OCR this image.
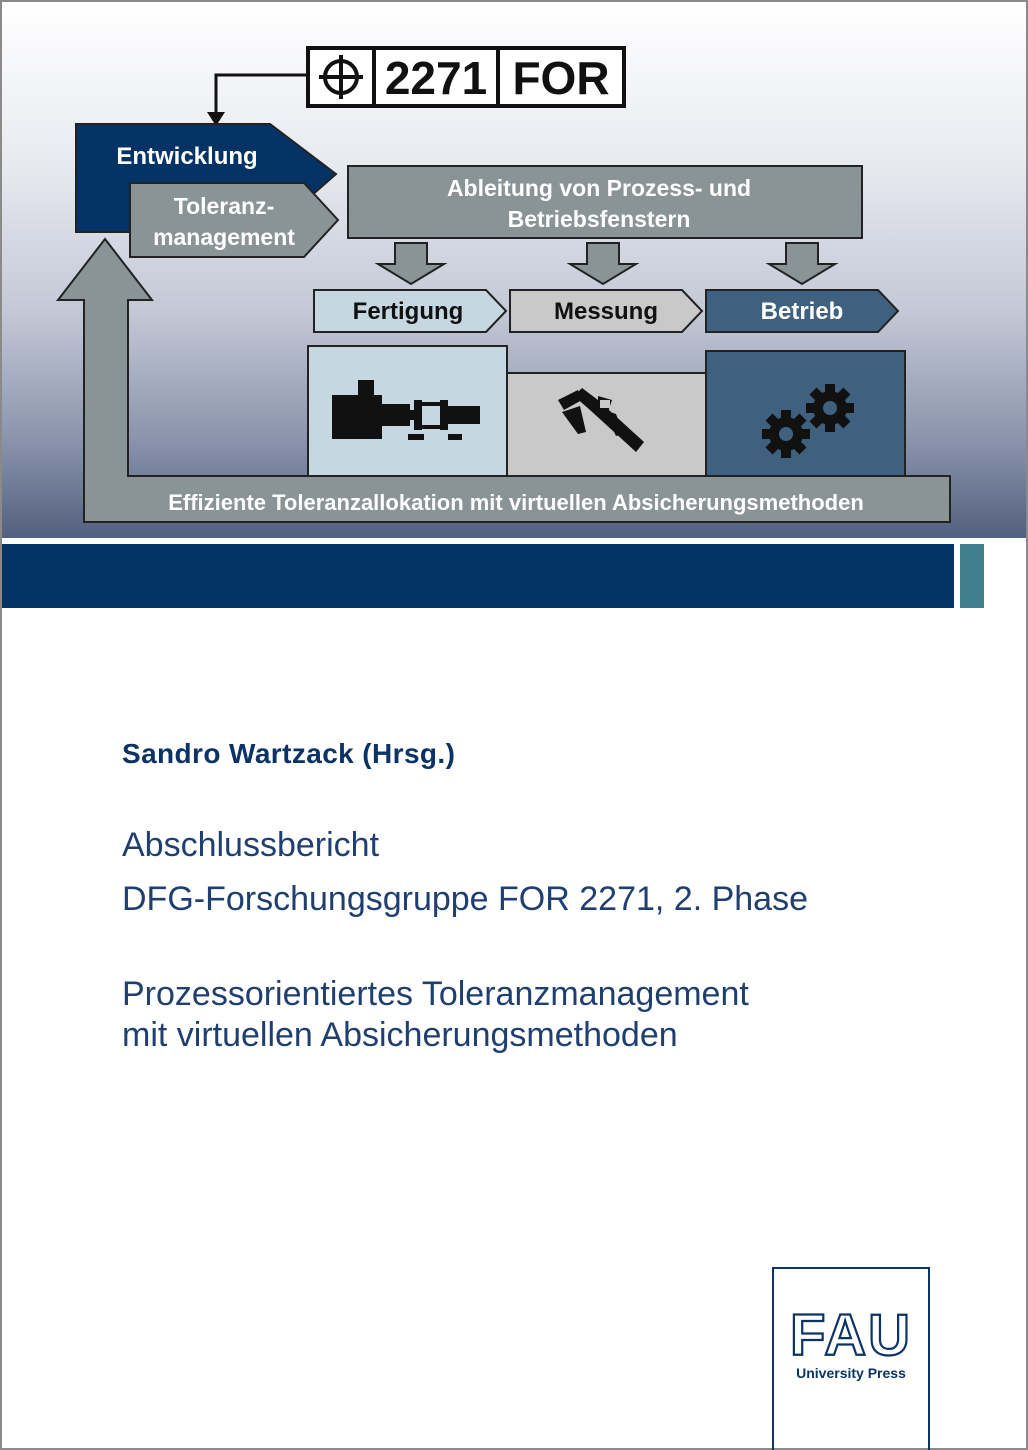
Effiziente Toleranzallokation mit virtuellen Absicherungsmethoden
2271 FOR
Entwicklung
Toleranz-
management
Ableitung von Prozess- und
Betriebsfenstern
Fertigung	Messung	Betrieb
Sandro Wartzack (Hrsg.)
Abschlussbericht
DFG-Forschungsgruppe FOR 2271, 2. Phase
Prozessorientiertes Toleranzmanagement
mit virtuellen Absicherungsmethoden
FAU
University Press
